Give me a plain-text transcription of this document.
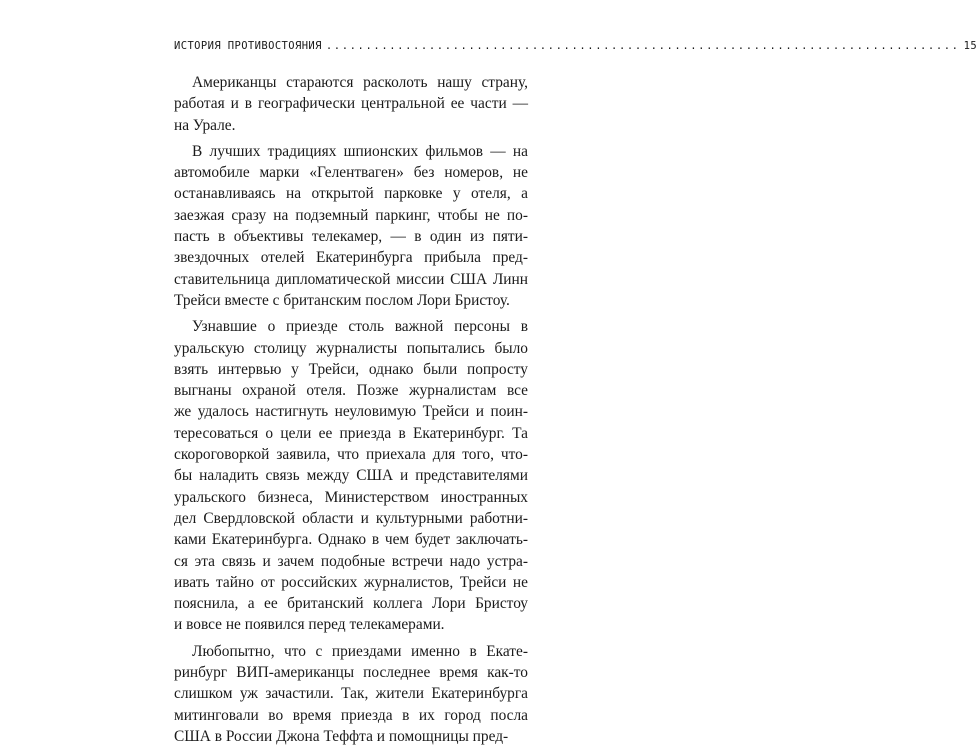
ИСТОРИЯ ПРОТИВОСТОЯНИЯ
.....	15
Американцы стараются расколоть нашу страну,
работая и в географически центральной ее части —
на Урале.
В лучших традициях шпионских фильмов — на
автомобиле марки «Гелентваген» без номеров, не
останавливаясь на открытой парковке у отеля, а
заезжая сразу на подземный паркинг, чтобы не по-
пасть в объективы телекамер, — в один из пяти-
звездочных отелей Екатеринбурга прибыла пред-
ставительница дипломатической миссии США Линн
Трейси вместе с британским послом Лори Бристоу.
Узнавшие о приезде столь важной персоны в
уральскую столицу журналисты попытались было
взять интервью у Трейси, однако были попросту
выгнаны охраной отеля. Позже журналистам все
же удалось настигнуть неуловимую Трейси и поин-
тересоваться о цели ее приезда в Екатеринбург. Та
скороговоркой заявила, что приехала для того, что-
бы наладить связь между США и представителями
уральского бизнеса, Министерством иностранных
дел Свердловской области и культурными работни-
ками Екатеринбурга. Однако в чем будет заключать-
ся эта связь и зачем подобные встречи надо устра-
ивать тайно от российских журналистов, Трейси не
пояснила, а ее британский коллега Лори Бристоу
и вовсе не появился перед телекамерами.
Любопытно, что с приездами именно в Екате-
ринбург ВИП-американцы последнее время как-то
слишком уж зачастили. Так, жители Екатеринбурга
митинговали во время приезда в их город посла
США в России Джона Теффта и помощницы пред-
